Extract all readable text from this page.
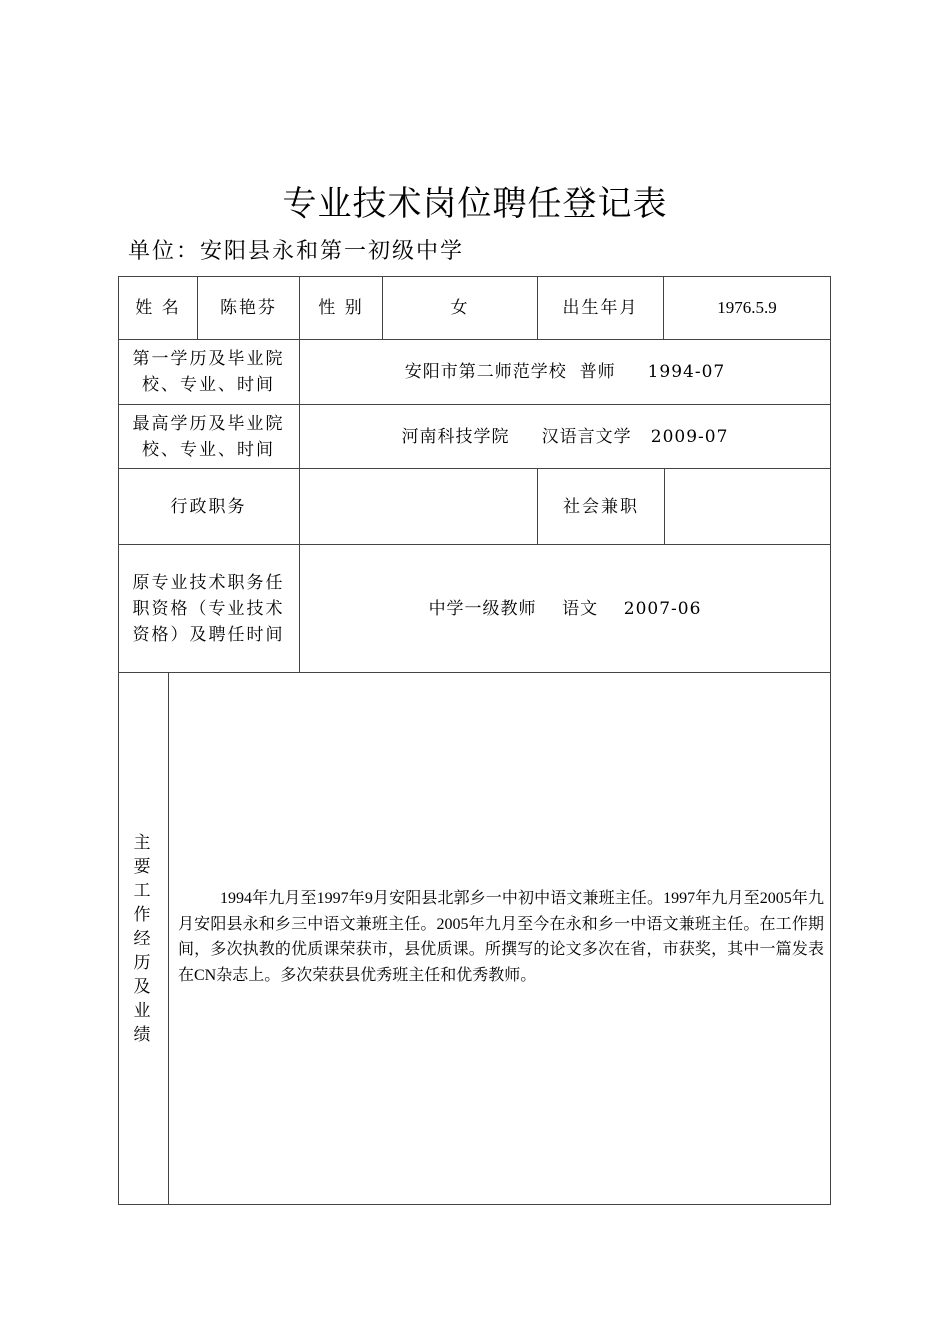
专业技术岗位聘任登记表
单位：安阳县永和第一初级中学
姓 名	陈艳芬	性 别	女	出生年月	1976.5.9
第一学历及毕业院
校、专业、时间
安阳市第二师范学校  普师     1994-07
最高学历及毕业院
校、专业、时间
河南科技学院     汉语言文学   2009-07
行政职务	社会兼职
原专业技术职务任
职资格（专业技术
资格）及聘任时间
中学一级教师    语文    2007-06
主
要
工
作
经
历
及
业
绩
1994年九月至1997年9月安阳县北郭乡一中初中语文兼班主任。1997年九月至2005年九月安阳县永和乡三中语文兼班主任。2005年九月至今在永和乡一中语文兼班主任。在工作期间，多次执教的优质课荣获市，县优质课。所撰写的论文多次在省，市获奖，其中一篇发表在CN杂志上。多次荣获县优秀班主任和优秀教师。
